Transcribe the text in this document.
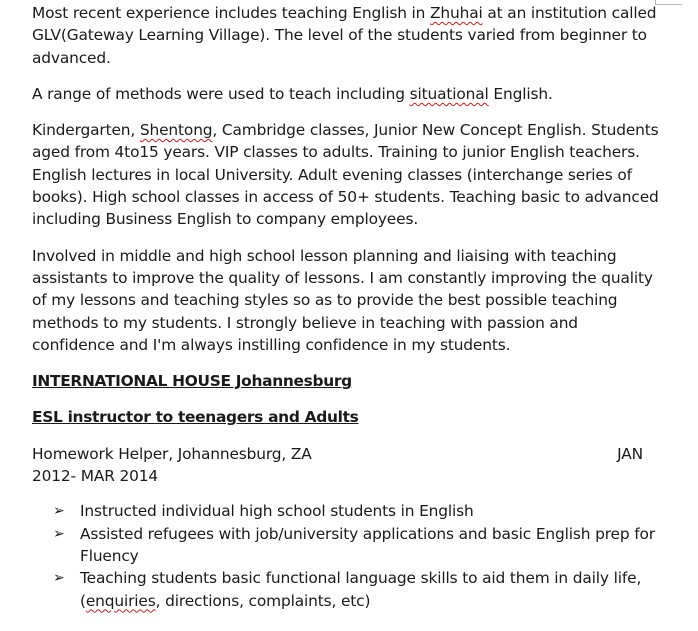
Most recent experience includes teaching English in Zhuhai at an institution called GLV(Gateway Learning Village). The level of the students varied from beginner to advanced.

A range of methods were used to teach including situational English.

Kindergarten, Shentong, Cambridge classes, Junior New Concept English. Students aged from 4to15 years. VIP classes to adults. Training to junior English teachers. English lectures in local University. Adult evening classes (interchange series of books). High school classes in access of 50+ students. Teaching basic to advanced including Business English to company employees.

Involved in middle and high school lesson planning and liaising with teaching assistants to improve the quality of lessons. I am constantly improving the quality of my lessons and teaching styles so as to provide the best possible teaching methods to my students. I strongly believe in teaching with passion and confidence and I'm always instilling confidence in my students.

INTERNATIONAL HOUSE Johannesburg

ESL instructor to teenagers and Adults

Homework Helper, Johannesburg, ZA	JAN
2012- MAR 2014
➢ Instructed individual high school students in English
➢ Assisted refugees with job/university applications and basic English prep for Fluency
➢ Teaching students basic functional language skills to aid them in daily life, (enquiries, directions, complaints, etc)
